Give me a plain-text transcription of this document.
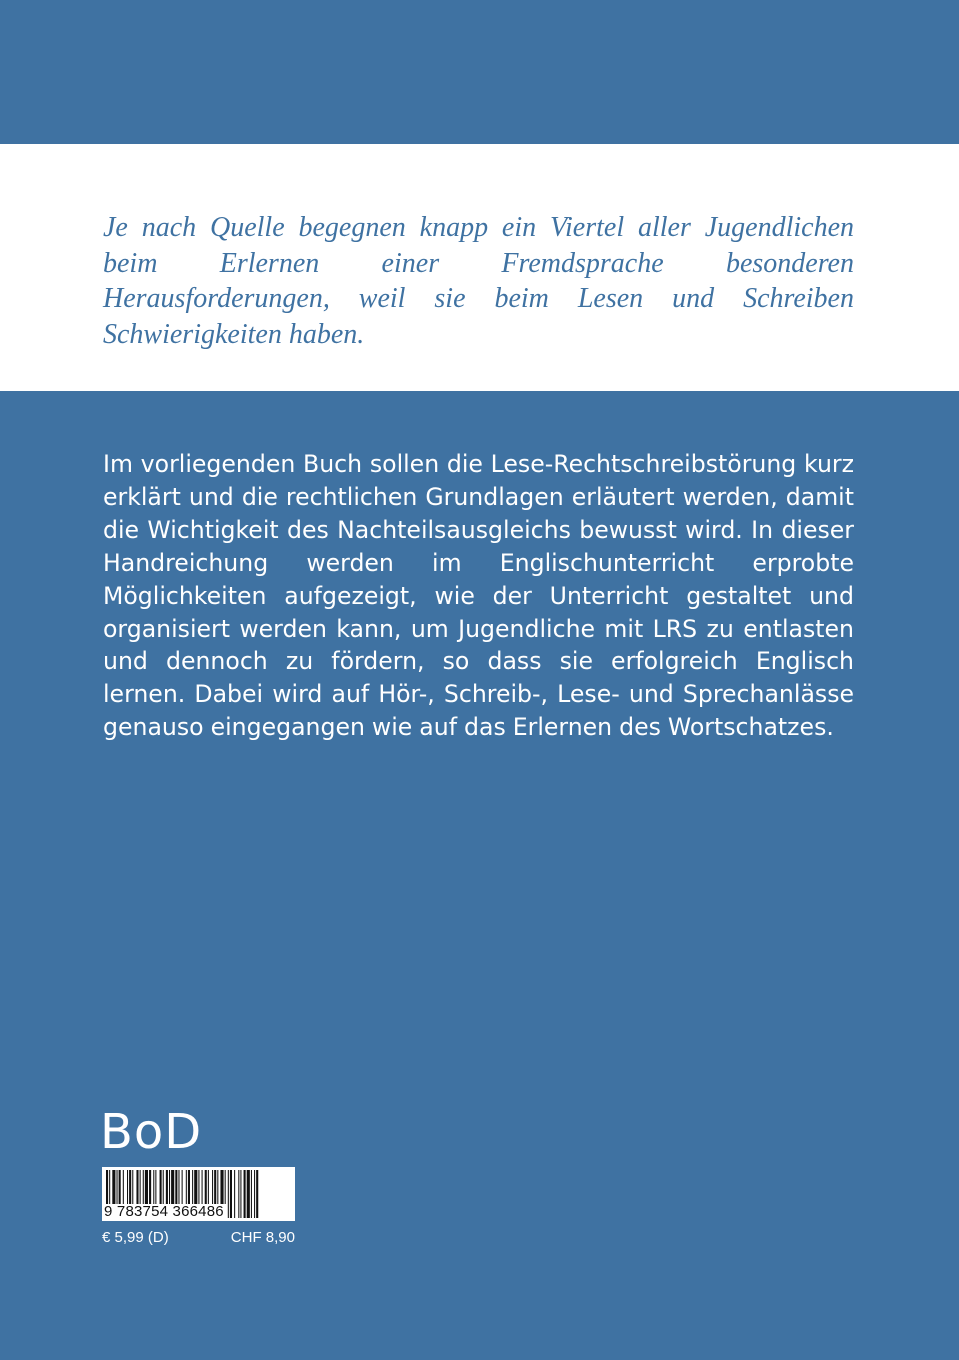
Je nach Quelle begegnen knapp ein Viertel aller Jugendlichen beim Erlernen einer Fremdsprache besonderen Herausforderungen, weil sie beim Lesen und Schreiben Schwierigkeiten haben.

Im vorliegenden Buch sollen die Lese-Rechtschreibstörung kurz erklärt und die rechtlichen Grundlagen erläutert werden, damit die Wichtigkeit des Nachteilsausgleichs bewusst wird. In dieser Handreichung werden im Englischunterricht erprobte Möglichkeiten aufgezeigt, wie der Unterricht gestaltet und organisiert werden kann, um Jugendliche mit LRS zu entlasten und dennoch zu fördern, so dass sie erfolgreich Englisch lernen. Dabei wird auf Hör-, Schreib-, Lese- und Sprechanlässe genauso eingegangen wie auf das Erlernen des Wortschatzes.

BoD
9 783754 366486
€ 5,99 (D)	CHF 8,90
